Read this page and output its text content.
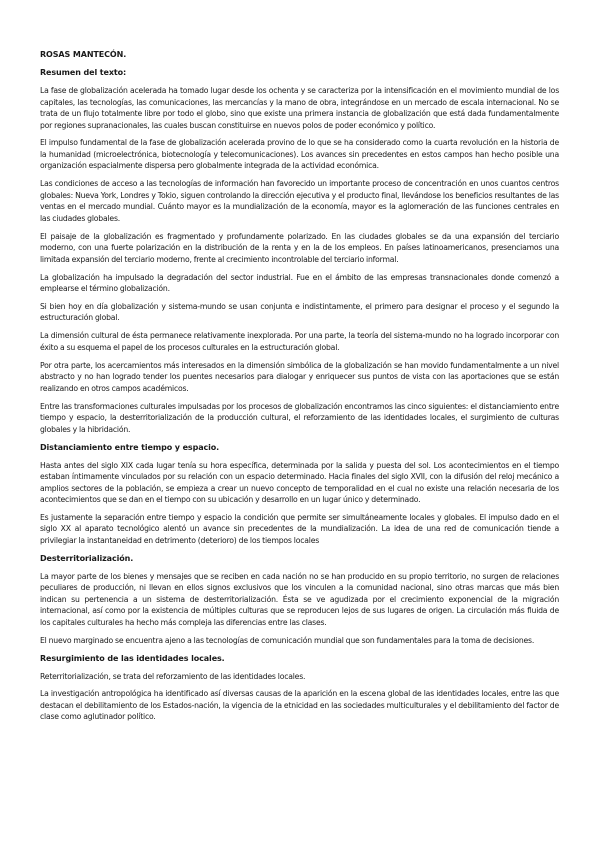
ROSAS MANTECÓN.
Resumen del texto:

La fase de globalización acelerada ha tomado lugar desde los ochenta y se caracteriza por la intensificación en el movimiento mundial de los capitales, las tecnologías, las comunicaciones, las mercancías y la mano de obra, integrándose en un mercado de escala internacional. No se trata de un flujo totalmente libre por todo el globo, sino que existe una primera instancia de globalización que está dada fundamentalmente por regiones supranacionales, las cuales buscan constituirse en nuevos polos de poder económico y político.

El impulso fundamental de la fase de globalización acelerada provino de lo que se ha considerado como la cuarta revolución en la historia de la humanidad (microelectrónica, biotecnología y telecomunicaciones). Los avances sin precedentes en estos campos han hecho posible una organización espacialmente dispersa pero globalmente integrada de la actividad económica.

Las condiciones de acceso a las tecnologías de información han favorecido un importante proceso de concentración en unos cuantos centros globales: Nueva York, Londres y Tokio, siguen controlando la dirección ejecutiva y el producto final, llevándose los beneficios resultantes de las ventas en el mercado mundial. Cuánto mayor es la mundialización de la economía, mayor es la aglomeración de las funciones centrales en las ciudades globales.

El paisaje de la globalización es fragmentado y profundamente polarizado. En las ciudades globales se da una expansión del terciario moderno, con una fuerte polarización en la distribución de la renta y en la de los empleos. En países latinoamericanos, presenciamos una limitada expansión del terciario moderno, frente al crecimiento incontrolable del terciario informal.

La globalización ha impulsado la degradación del sector industrial. Fue en el ámbito de las empresas transnacionales donde comenzó a emplearse el término globalización.

Si bien hoy en día globalización y sistema-mundo se usan conjunta e indistintamente, el primero para designar el proceso y el segundo la estructuración global.

La dimensión cultural de ésta permanece relativamente inexplorada. Por una parte, la teoría del sistema-mundo no ha logrado incorporar con éxito a su esquema el papel de los procesos culturales en la estructuración global.

Por otra parte, los acercamientos más interesados en la dimensión simbólica de la globalización se han movido fundamentalmente a un nivel abstracto y no han logrado tender los puentes necesarios para dialogar y enriquecer sus puntos de vista con las aportaciones que se están realizando en otros campos académicos.

Entre las transformaciones culturales impulsadas por los procesos de globalización encontramos las cinco siguientes: el distanciamiento entre tiempo y espacio, la desterritorialización de la producción cultural, el reforzamiento de las identidades locales, el surgimiento de culturas globales y la hibridación.

Distanciamiento entre tiempo y espacio.

Hasta antes del siglo XIX cada lugar tenía su hora específica, determinada por la salida y puesta del sol. Los acontecimientos en el tiempo estaban íntimamente vinculados por su relación con un espacio determinado. Hacia finales del siglo XVII, con la difusión del reloj mecánico a amplios sectores de la población, se empieza a crear un nuevo concepto de temporalidad en el cual no existe una relación necesaria de los acontecimientos que se dan en el tiempo con su ubicación y desarrollo en un lugar único y determinado.

Es justamente la separación entre tiempo y espacio la condición que permite ser simultáneamente locales y globales. El impulso dado en el siglo XX al aparato tecnológico alentó un avance sin precedentes de la mundialización. La idea de una red de comunicación tiende a privilegiar la instantaneidad en detrimento (deterioro) de los tiempos locales

Desterritorialización.

La mayor parte de los bienes y mensajes que se reciben en cada nación no se han producido en su propio territorio, no surgen de relaciones peculiares de producción, ni llevan en ellos signos exclusivos que los vinculen a la comunidad nacional, sino otras marcas que más bien indican su pertenencia a un sistema de desterritorialización. Ésta se ve agudizada por el crecimiento exponencial de la migración internacional, así como por la existencia de múltiples culturas que se reproducen lejos de sus lugares de origen. La circulación más fluida de los capitales culturales ha hecho más compleja las diferencias entre las clases.

El nuevo marginado se encuentra ajeno a las tecnologías de comunicación mundial que son fundamentales para la toma de decisiones.

Resurgimiento de las identidades locales.

Reterritorialización, se trata del reforzamiento de las identidades locales.

La investigación antropológica ha identificado así diversas causas de la aparición en la escena global de las identidades locales, entre las que destacan el debilitamiento de los Estados-nación, la vigencia de la etnicidad en las sociedades multiculturales y el debilitamiento del factor de clase como aglutinador político.
